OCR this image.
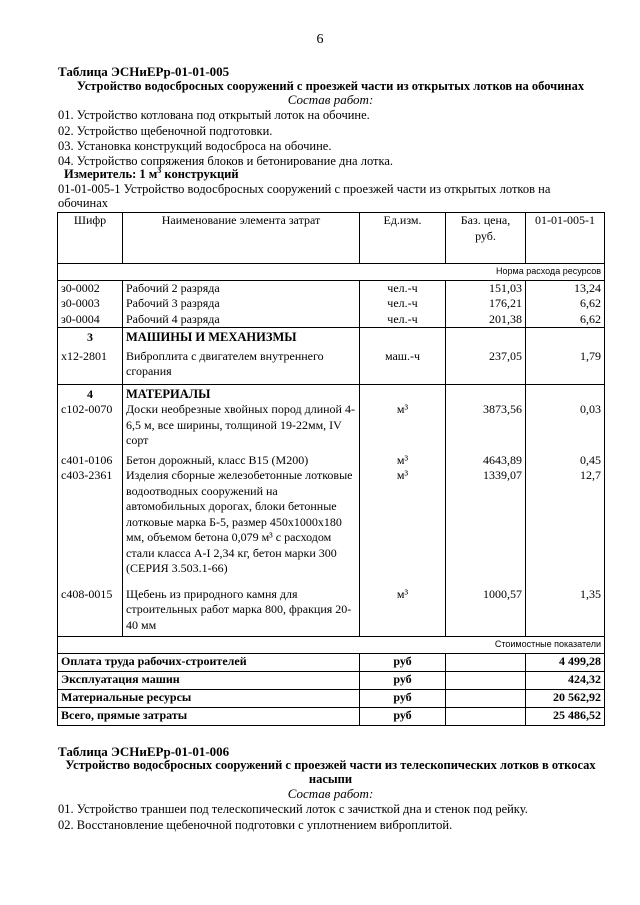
6
Таблица ЭСНиЕРр-01-01-005
Устройство водосбросных сооружений с проезжей части из открытых лотков на обочинах
Состав работ:
01. Устройство котлована под открытый лоток на обочине.
02. Устройство щебеночной подготовки.
03. Установка конструкций водосброса на обочине.
04. Устройство сопряжения блоков и бетонирование дна лотка.
Измеритель: 1 $м^3$ конструкций
01-01-005-1 Устройство водосбросных сооружений с проезжей части из открытых лотков на обочинах
Шифр	Наименование элемента затрат	Ед.изм.	Баз. цена, руб.	01-01-005-1
Норма расхода ресурсов				
з0-0002	Рабочий 2 разряда	чел.-ч	151,03	13,24
з0-0003	Рабочий 3 разряда	чел.-ч	176,21	6,62
з0-0004	Рабочий 4 разряда	чел.-ч	201,38	6,62
3	МАШИНЫ И МЕХАНИЗМЫ			
х12-2801	Виброплита с двигателем внутреннего сгорания	маш.-ч	237,05	1,79
4	МАТЕРИАЛЫ			
с102-0070	Доски необрезные хвойных пород длиной 4-6,5 м, все ширины, толщиной 19-22мм, IV сорт	м³	3873,56	0,03
с401-0106	Бетон дорожный, класс В15 (М200)	м³	4643,89	0,45
с403-2361	Изделия сборные железобетонные лотковые водоотводных сооружений на автомобильных дорогах, блоки бетонные лотковые марка Б-5, размер 450х1000х180 мм, объемом бетона 0,079 м³ с расходом стали класса А-I 2,34 кг, бетон марки 300 (СЕРИЯ 3.503.1-66)	м³	1339,07	12,7
с408-0015	Щебень из природного камня для строительных работ марка 800, фракция 20-40 мм	м³	1000,57	1,35
Стоимостные показатели				
Оплата труда рабочих-строителей		руб		4 499,28
Эксплуатация машин		руб		424,32
Материальные ресурсы		руб		20 562,92
Всего, прямые затраты		руб		25 486,52
Таблица ЭСНиЕРр-01-01-006
Устройство водосбросных сооружений с проезжей части из телескопических лотков в откосах насыпи
Состав работ:
01. Устройство траншеи под телескопический лоток с зачисткой дна и стенок под рейку.
02. Восстановление щебеночной подготовки с уплотнением виброплитой.
